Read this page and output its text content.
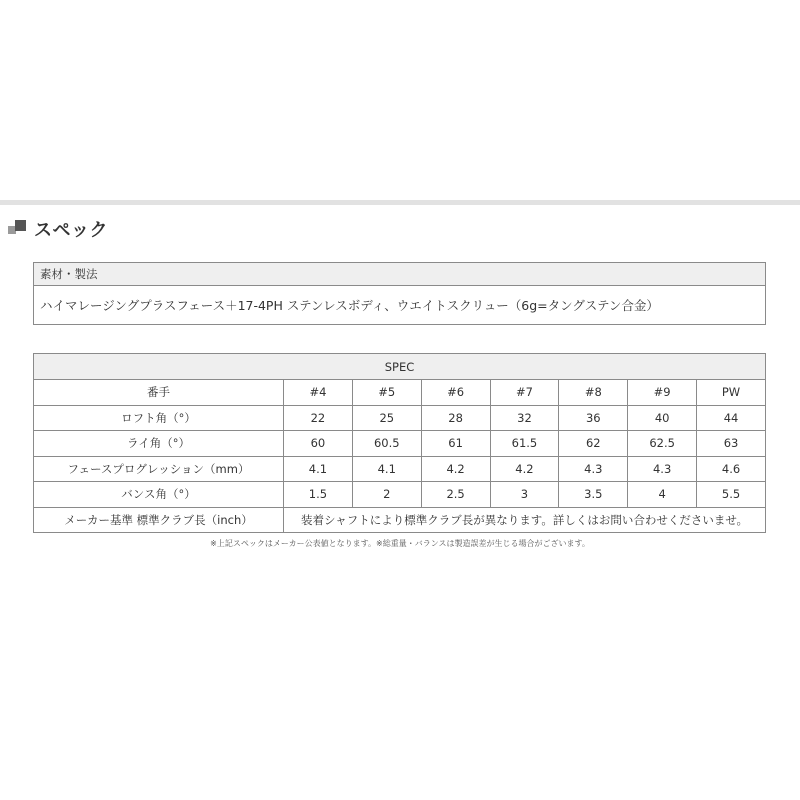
スペック
素材・製法
ハイマレージングプラスフェース＋17-4PH ステンレスボディ、ウエイトスクリュー（6g=タングステン合金）
SPEC							
番手	#4	#5	#6	#7	#8	#9	PW
ロフト角（°）	22	25	28	32	36	40	44
ライ角（°）	60	60.5	61	61.5	62	62.5	63
フェースプログレッション（mm）	4.1	4.1	4.2	4.2	4.3	4.3	4.6
バンス角（°）	1.5	2	2.5	3	3.5	4	5.5
メーカー基準 標準クラブ長（inch）	装着シャフトにより標準クラブ長が異なります。詳しくはお問い合わせくださいませ。						
※上記スペックはメーカー公表値となります。※総重量・バランスは製造誤差が生じる場合がございます。
